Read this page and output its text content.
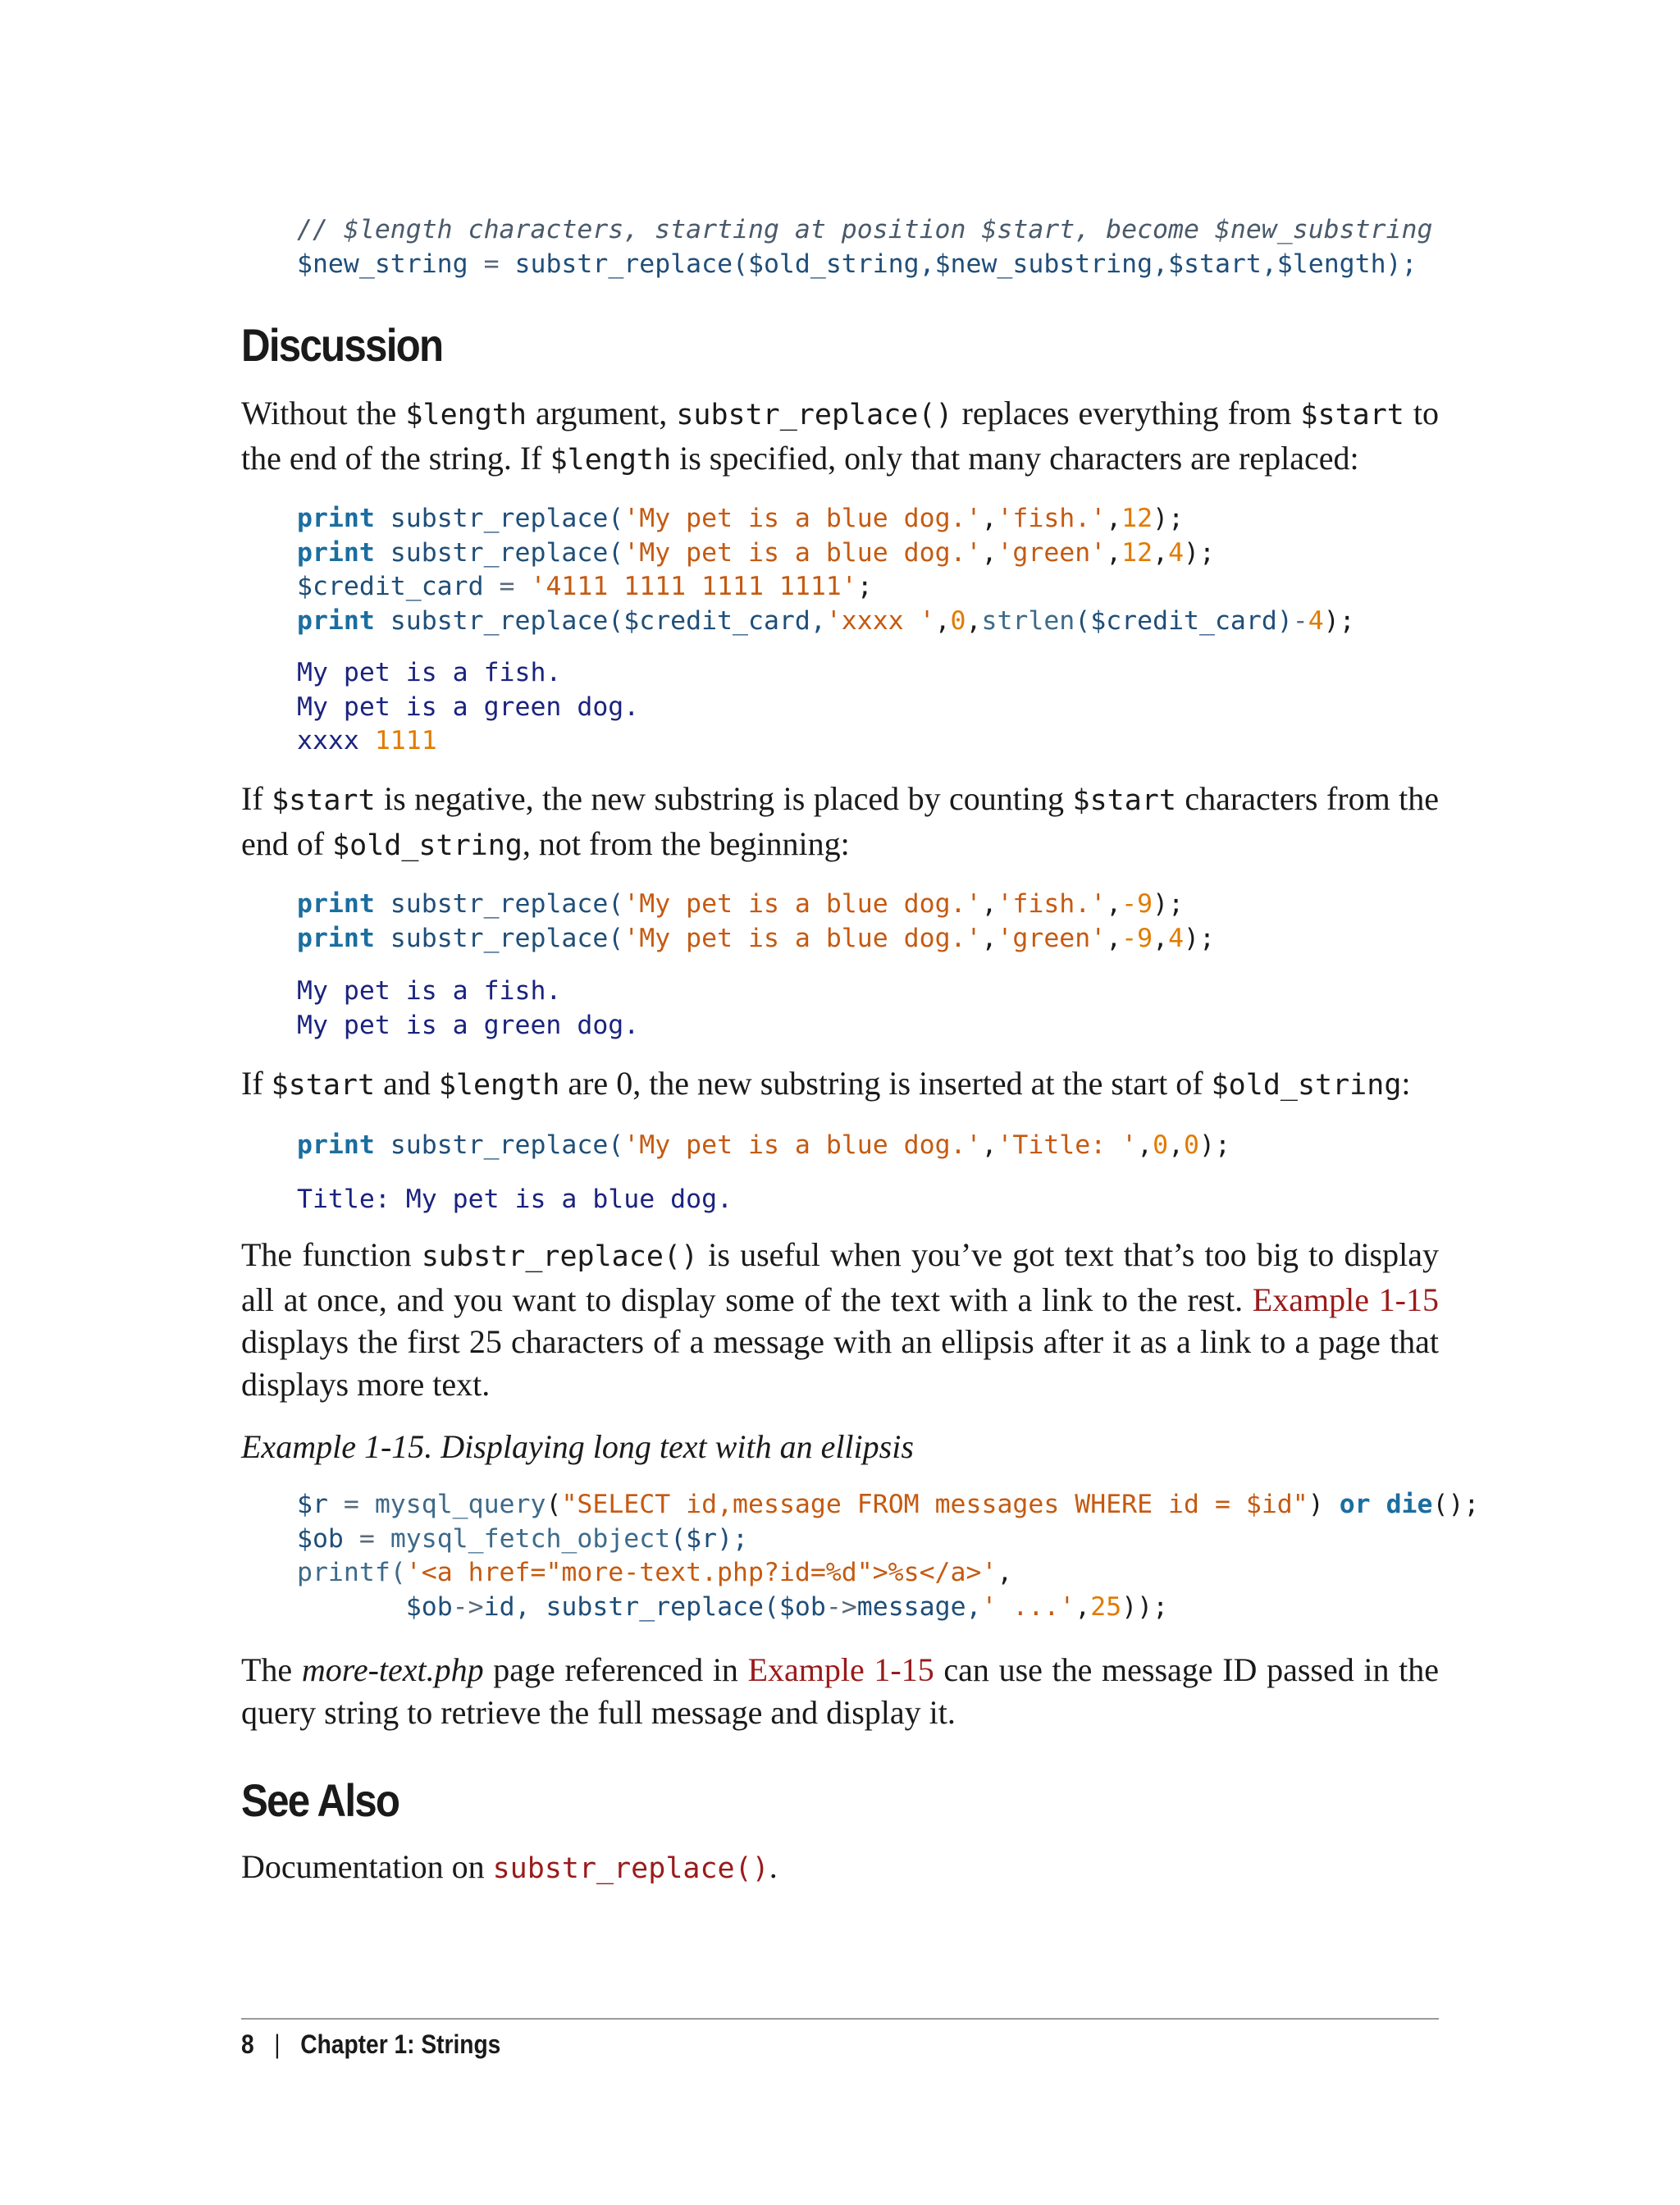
// $length characters, starting at position $start, become $new_substring
$new_string = substr_replace($old_string,$new_substring,$start,$length);
Discussion

Without the $length argument, substr_replace() replaces everything from $start to the end of the string. If $length is specified, only that many characters are replaced:

print substr_replace('My pet is a blue dog.','fish.',12);
print substr_replace('My pet is a blue dog.','green',12,4);
$credit_card = '4111 1111 1111 1111';
print substr_replace($credit_card,'xxxx ',0,strlen($credit_card)-4);
My pet is a fish.
My pet is a green dog.
xxxx 1111

If $start is negative, the new substring is placed by counting $start characters from the end of $old_string, not from the beginning:

print substr_replace('My pet is a blue dog.','fish.',-9);
print substr_replace('My pet is a blue dog.','green',-9,4);
My pet is a fish.
My pet is a green dog.

If $start and $length are 0, the new substring is inserted at the start of $old_string:

print substr_replace('My pet is a blue dog.','Title: ',0,0);
Title: My pet is a blue dog.

The function substr_replace() is useful when you’ve got text that’s too big to display all at once, and you want to display some of the text with a link to the rest. Example 1-15 displays the first 25 characters of a message with an ellipsis after it as a link to a page that displays more text.

Example 1-15. Displaying long text with an ellipsis

$r = mysql_query("SELECT id,message FROM messages WHERE id = $id") or die();
$ob = mysql_fetch_object($r);
printf('<a href="more-text.php?id=%d">%s</a>',
$ob->id, substr_replace($ob->message,' ...',25));

The more-text.php page referenced in Example 1-15 can use the message ID passed in the query string to retrieve the full message and display it.

See Also

Documentation on substr_replace().

8 | Chapter 1: Strings
